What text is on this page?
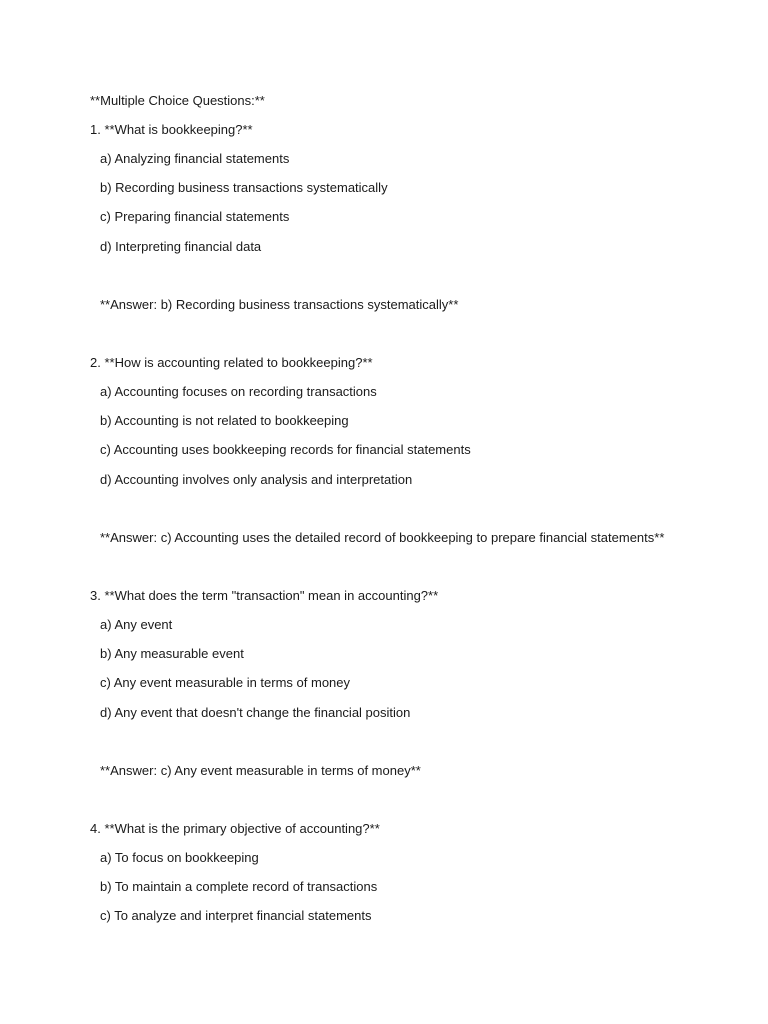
**Multiple Choice Questions:**
1. **What is bookkeeping?**
a) Analyzing financial statements
b) Recording business transactions systematically
c) Preparing financial statements
d) Interpreting financial data
**Answer: b) Recording business transactions systematically**
2. **How is accounting related to bookkeeping?**
a) Accounting focuses on recording transactions
b) Accounting is not related to bookkeeping
c) Accounting uses bookkeeping records for financial statements
d) Accounting involves only analysis and interpretation
**Answer: c) Accounting uses the detailed record of bookkeeping to prepare financial statements**
3. **What does the term "transaction" mean in accounting?**
a) Any event
b) Any measurable event
c) Any event measurable in terms of money
d) Any event that doesn't change the financial position
**Answer: c) Any event measurable in terms of money**
4. **What is the primary objective of accounting?**
a) To focus on bookkeeping
b) To maintain a complete record of transactions
c) To analyze and interpret financial statements
